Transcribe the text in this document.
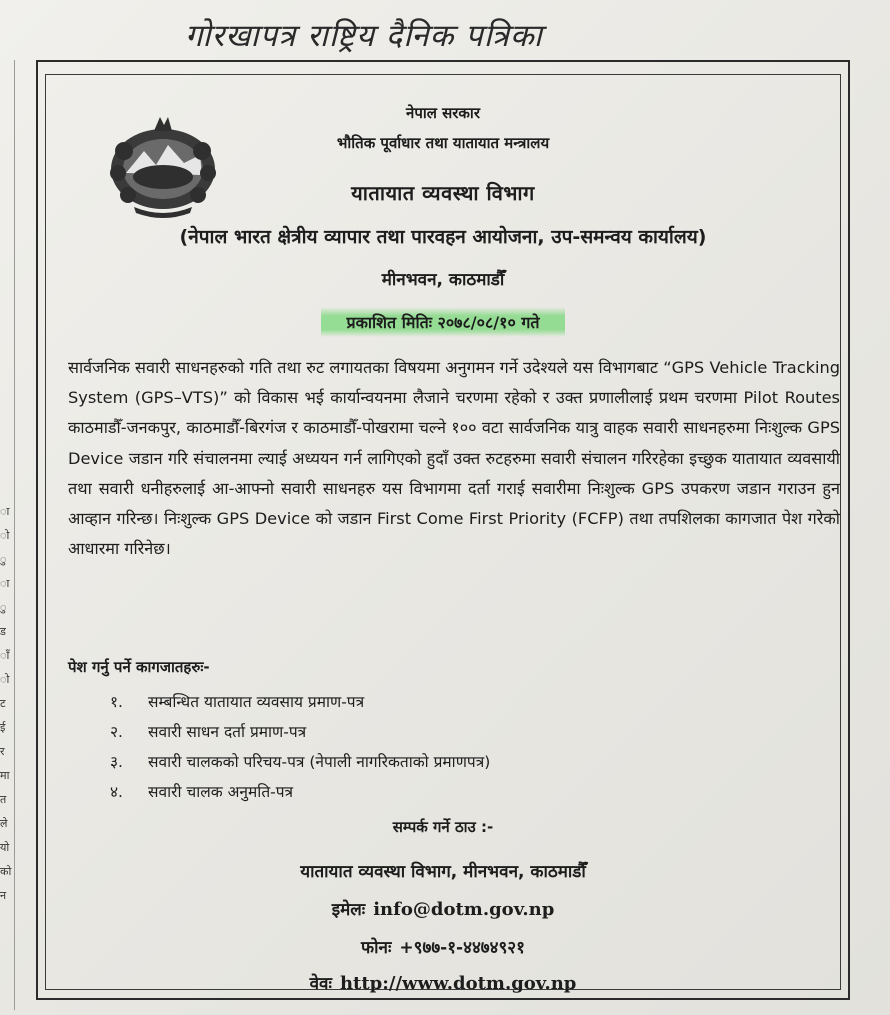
गोरखापत्र राष्ट्रिय दैनिक पत्रिका
ा
ो
ु
ा
ु
ड
ाँ
ो
ट
ई
र
मा
त
ले
यो
को
न
नेपाल सरकार
भौतिक पूर्वाधार तथा यातायात मन्त्रालय
यातायात व्यवस्था विभाग
(नेपाल भारत क्षेत्रीय व्यापार तथा पारवहन आयोजना, उप-समन्वय कार्यालय)
मीनभवन, काठमाडौँ
प्रकाशित मितिः २०७८/०८/१० गते
सार्वजनिक सवारी साधनहरुको गति तथा रुट लगायतका विषयमा अनुगमन गर्ने उदेश्यले यस विभागबाट “GPS Vehicle Tracking System (GPS–VTS)” को विकास भई कार्यान्वयनमा लैजाने चरणमा रहेको र उक्त प्रणालीलाई प्रथम चरणमा Pilot Routes काठमाडौँ-जनकपुर, काठमाडौँ-बिरगंज र काठमाडौँ-पोखरामा चल्ने १०० वटा सार्वजनिक यात्रु वाहक सवारी साधनहरुमा निःशुल्क GPS Device जडान गरि संचालनमा ल्याई अध्ययन गर्न लागिएको हुदाँ उक्त रुटहरुमा सवारी संचालन गरिरहेका इच्छुक यातायात व्यवसायी तथा सवारी धनीहरुलाई आ-आफ्नो सवारी साधनहरु यस विभागमा दर्ता गराई सवारीमा निःशुल्क GPS उपकरण जडान गराउन हुन आव्हान गरिन्छ। निःशुल्क GPS Device को जडान First Come First Priority (FCFP) तथा तपशिलका कागजात पेश गरेको आधारमा गरिनेछ।
पेश गर्नु पर्ने कागजातहरुः-
१. सम्बन्धित यातायात व्यवसाय प्रमाण-पत्र
२. सवारी साधन दर्ता प्रमाण-पत्र
३. सवारी चालकको परिचय-पत्र (नेपाली नागरिकताको प्रमाणपत्र)
४. सवारी चालक अनुमति-पत्र
सम्पर्क गर्ने ठाउ :-
यातायात व्यवस्था विभाग, मीनभवन, काठमाडौँ
इमेलः info@dotm.gov.np
फोनः +९७७-१-४४७४९२१
वेवः http://www.dotm.gov.np
